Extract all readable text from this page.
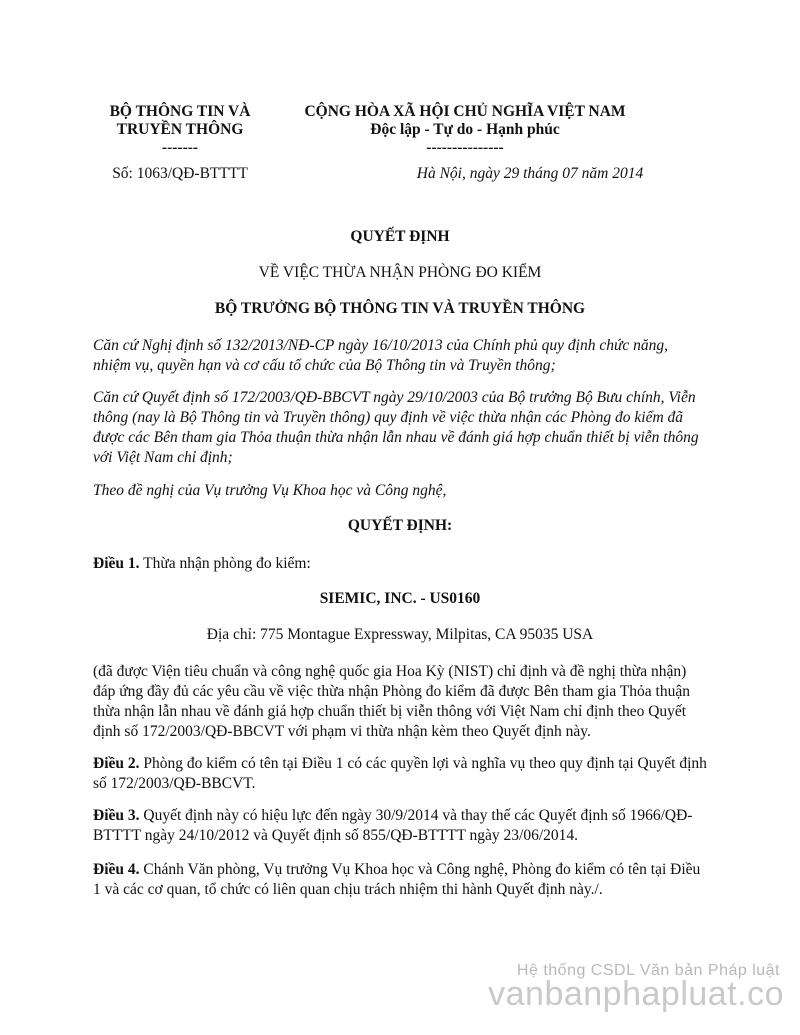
BỘ THÔNG TIN VÀ
TRUYỀN THÔNG
-------
CỘNG HÒA XÃ HỘI CHỦ NGHĨA VIỆT NAM
Độc lập - Tự do - Hạnh phúc
---------------
Số: 1063/QĐ-BTTTT	Hà Nội, ngày 29 tháng 07 năm 2014
QUYẾT ĐỊNH
VỀ VIỆC THỪA NHẬN PHÒNG ĐO KIỂM
BỘ TRƯỞNG BỘ THÔNG TIN VÀ TRUYỀN THÔNG
Căn cứ Nghị định số 132/2013/NĐ-CP ngày 16/10/2013 của Chính phủ quy định chức năng, nhiệm vụ, quyền hạn và cơ cấu tổ chức của Bộ Thông tin và Truyền thông;
Căn cứ Quyết định số 172/2003/QĐ-BBCVT ngày 29/10/2003 của Bộ trưởng Bộ Bưu chính, Viễn thông (nay là Bộ Thông tin và Truyền thông) quy định về việc thừa nhận các Phòng đo kiểm đã được các Bên tham gia Thỏa thuận thừa nhận lẫn nhau về đánh giá hợp chuẩn thiết bị viễn thông với Việt Nam chỉ định;
Theo đề nghị của Vụ trưởng Vụ Khoa học và Công nghệ,
QUYẾT ĐỊNH:
Điều 1. Thừa nhận phòng đo kiểm:
SIEMIC, INC. - US0160
Địa chỉ: 775 Montague Expressway, Milpitas, CA 95035 USA
(đã được Viện tiêu chuẩn và công nghệ quốc gia Hoa Kỳ (NIST) chỉ định và đề nghị thừa nhận) đáp ứng đầy đủ các yêu cầu về việc thừa nhận Phòng đo kiểm đã được Bên tham gia Thỏa thuận thừa nhận lẫn nhau về đánh giá hợp chuẩn thiết bị viễn thông với Việt Nam chỉ định theo Quyết định số 172/2003/QĐ-BBCVT với phạm vi thừa nhận kèm theo Quyết định này.
Điều 2. Phòng đo kiểm có tên tại Điều 1 có các quyền lợi và nghĩa vụ theo quy định tại Quyết định số 172/2003/QĐ-BBCVT.
Điều 3. Quyết định này có hiệu lực đến ngày 30/9/2014 và thay thế các Quyết định số 1966/QĐ-BTTTT ngày 24/10/2012 và Quyết định số 855/QĐ-BTTTT ngày 23/06/2014.
Điều 4. Chánh Văn phòng, Vụ trưởng Vụ Khoa học và Công nghệ, Phòng đo kiểm có tên tại Điều 1 và các cơ quan, tổ chức có liên quan chịu trách nhiệm thi hành Quyết định này./.
Hệ thống CSDL Văn bản Pháp luật
vanbanphapluat.co
